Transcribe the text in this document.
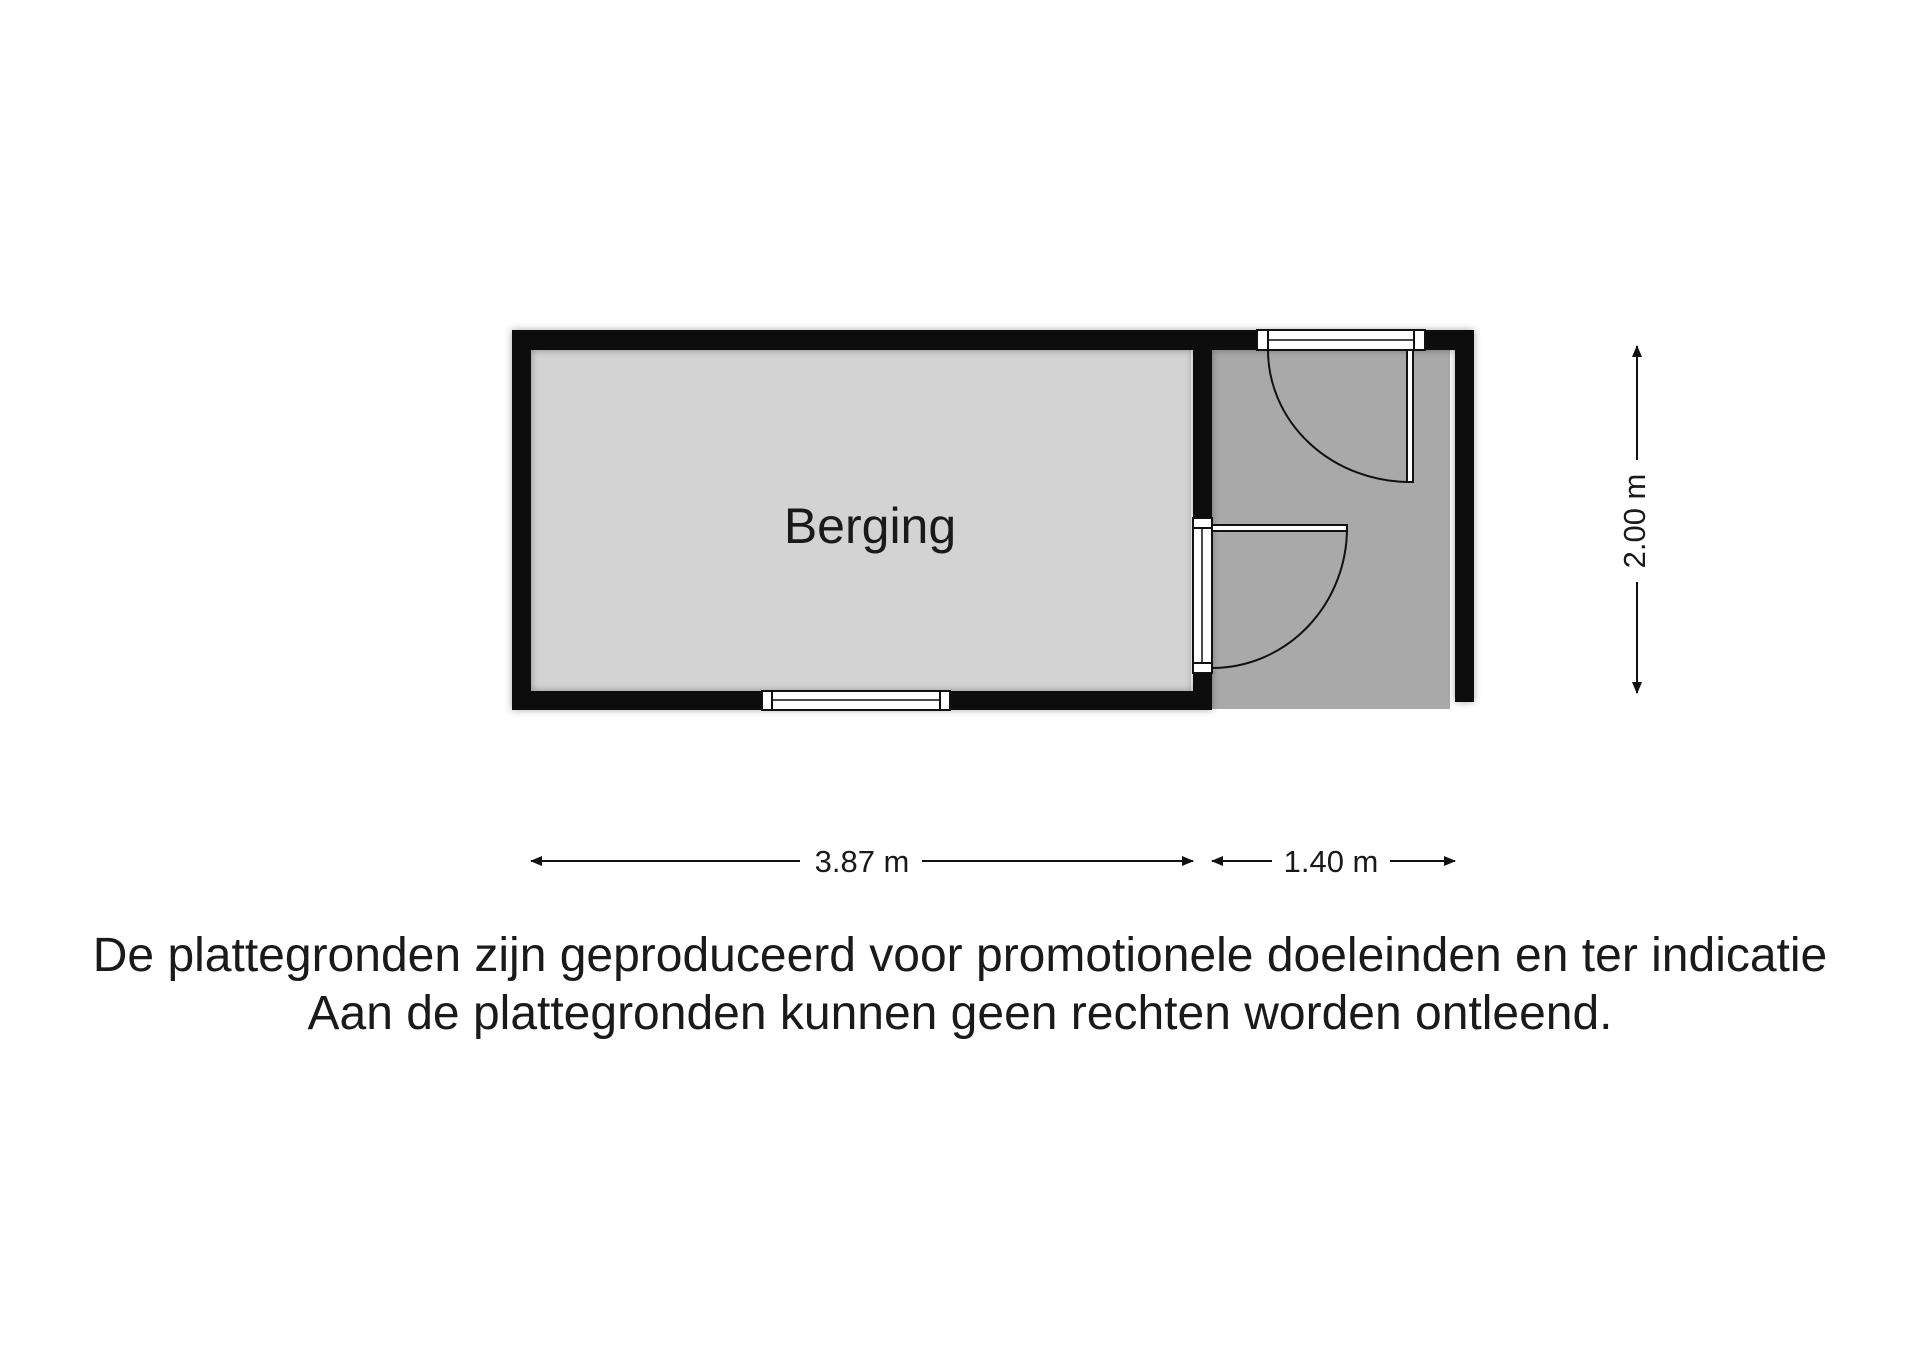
Berging
3.87 m	1.40 m
2.00 m
De plattegronden zijn geproduceerd voor promotionele doeleinden en ter indicatie
Aan de plattegronden kunnen geen rechten worden ontleend.
